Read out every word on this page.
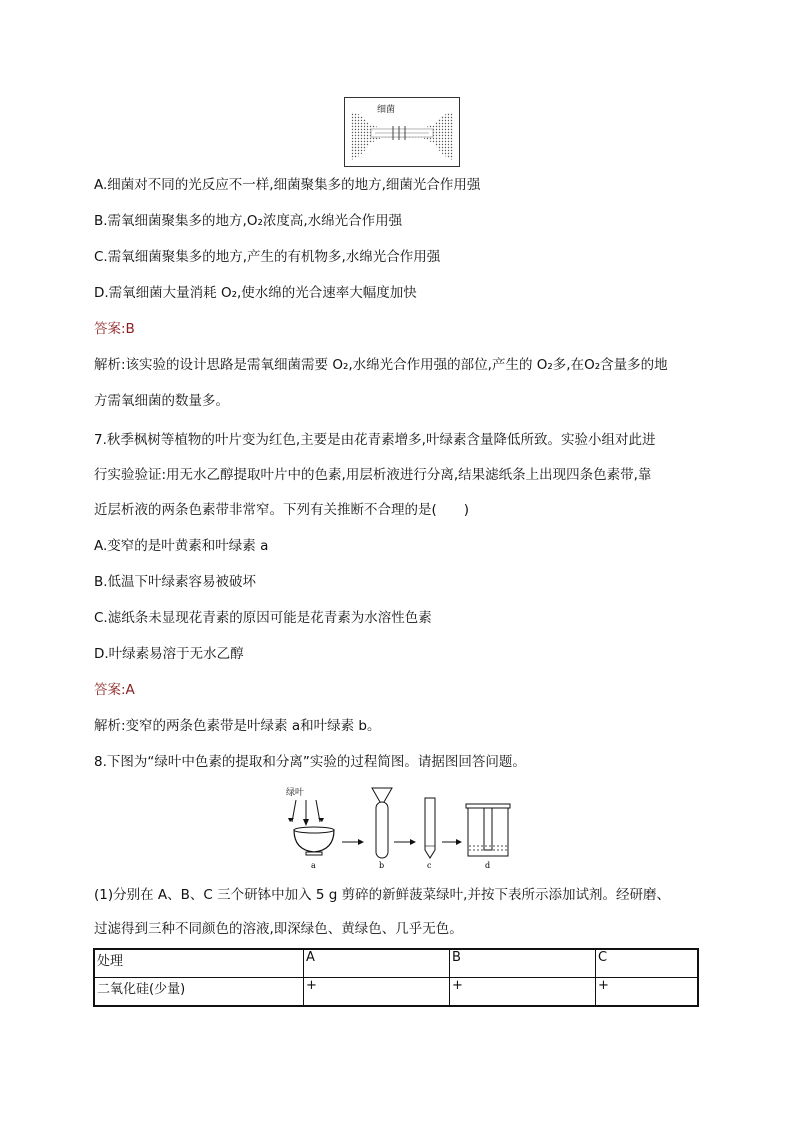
细菌
A.细菌对不同的光反应不一样,细菌聚集多的地方,细菌光合作用强
B.需氧细菌聚集多的地方,O₂浓度高,水绵光合作用强
C.需氧细菌聚集多的地方,产生的有机物多,水绵光合作用强
D.需氧细菌大量消耗 O₂,使水绵的光合速率大幅度加快
答案:B
解析:该实验的设计思路是需氧细菌需要 O₂,水绵光合作用强的部位,产生的 O₂多,在O₂含量多的地
方需氧细菌的数量多。
7.秋季枫树等植物的叶片变为红色,主要是由花青素增多,叶绿素含量降低所致。实验小组对此进
行实验验证:用无水乙醇提取叶片中的色素,用层析液进行分离,结果滤纸条上出现四条色素带,靠
近层析液的两条色素带非常窄。下列有关推断不合理的是(　　)
A.变窄的是叶黄素和叶绿素 a
B.低温下叶绿素容易被破坏
C.滤纸条未显现花青素的原因可能是花青素为水溶性色素
D.叶绿素易溶于无水乙醇
答案:A
解析:变窄的两条色素带是叶绿素 a和叶绿素 b。
8.下图为“绿叶中色素的提取和分离”实验的过程简图。请据图回答问题。
绿叶
a	b	c	d
(1)分别在 A、B、C 三个研钵中加入 5 g 剪碎的新鲜菠菜绿叶,并按下表所示添加试剂。经研磨、
过滤得到三种不同颜色的溶液,即深绿色、黄绿色、几乎无色。
处理	A	B	C
二氧化硅(少量)	+	+	+
